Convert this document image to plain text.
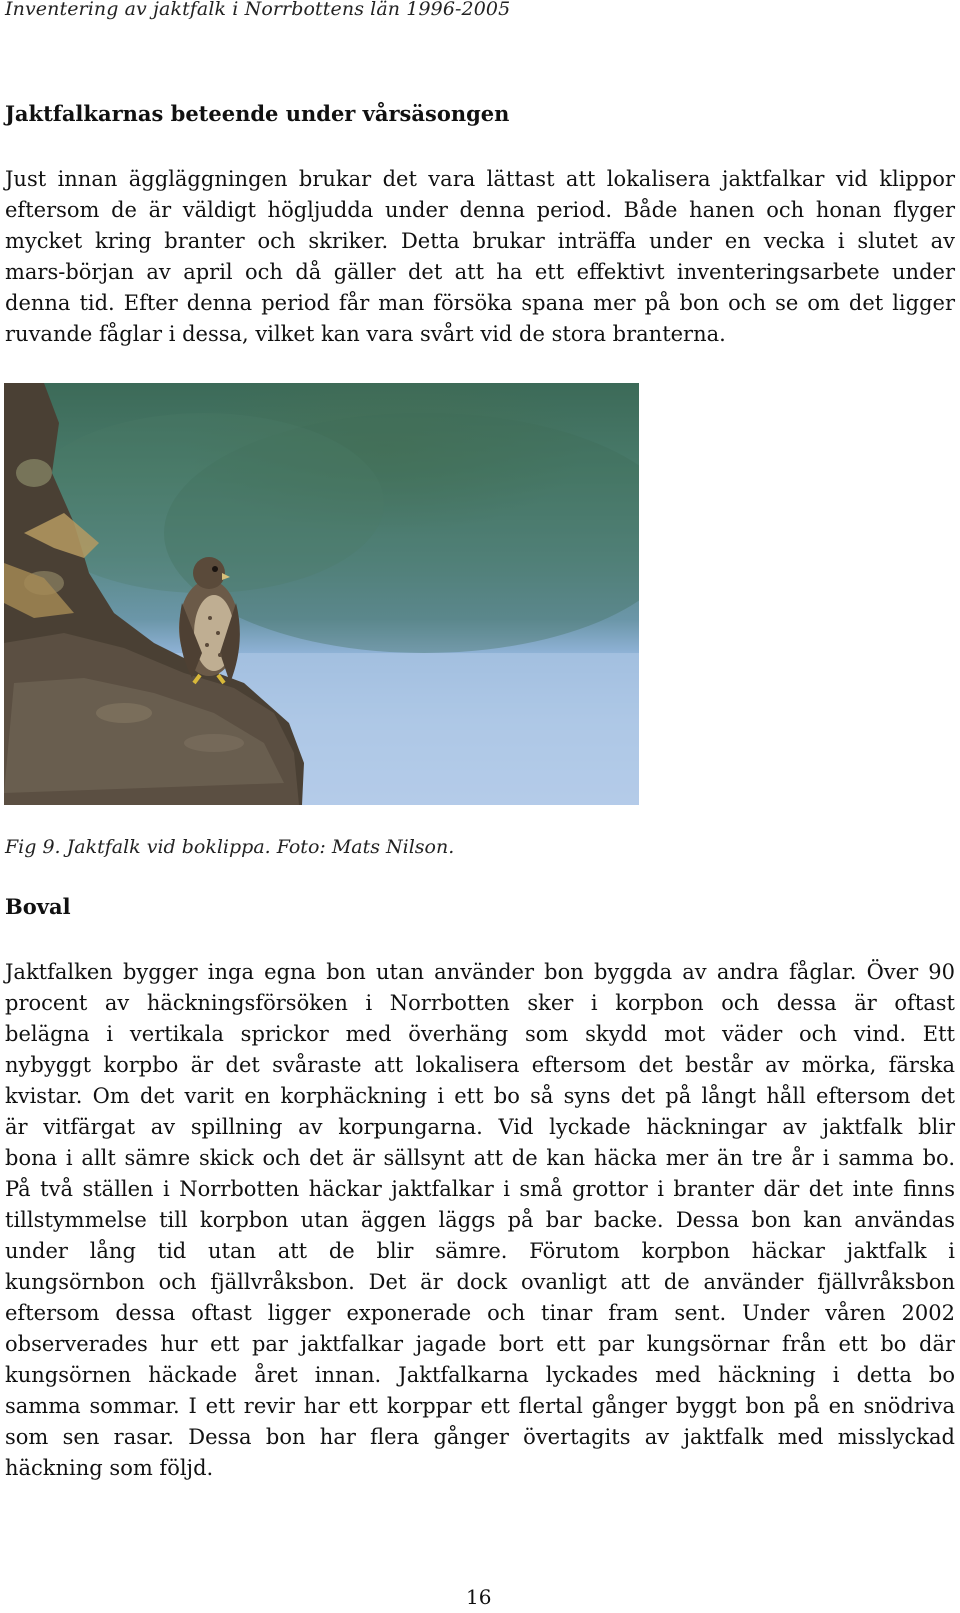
Inventering av jaktfalk i Norrbottens län 1996-2005
Jaktfalkarnas beteende under vårsäsongen
Just innan äggläggningen brukar det vara lättast att lokalisera jaktfalkar vid klippor
eftersom de är väldigt högljudda under denna period. Både hanen och honan flyger
mycket kring branter och skriker. Detta brukar inträffa under en vecka i slutet av
mars-början av april och då gäller det att ha ett effektivt inventeringsarbete under
denna tid. Efter denna period får man försöka spana mer på bon och se om det ligger
ruvande fåglar i dessa, vilket kan vara svårt vid de stora branterna.
Fig 9. Jaktfalk vid boklippa. Foto: Mats Nilson.
Boval
Jaktfalken bygger inga egna bon utan använder bon byggda av andra fåglar. Över 90
procent av häckningsförsöken i Norrbotten sker i korpbon och dessa är oftast
belägna i vertikala sprickor med överhäng som skydd mot väder och vind. Ett
nybyggt korpbo är det svåraste att lokalisera eftersom det består av mörka, färska
kvistar. Om det varit en korphäckning i ett bo så syns det på långt håll eftersom det
är vitfärgat av spillning av korpungarna. Vid lyckade häckningar av jaktfalk blir
bona i allt sämre skick och det är sällsynt att de kan häcka mer än tre år i samma bo.
På två ställen i Norrbotten häckar jaktfalkar i små grottor i branter där det inte finns
tillstymmelse till korpbon utan äggen läggs på bar backe. Dessa bon kan användas
under lång tid utan att de blir sämre. Förutom korpbon häckar jaktfalk i
kungsörnbon och fjällvråksbon. Det är dock ovanligt att de använder fjällvråksbon
eftersom dessa oftast ligger exponerade och tinar fram sent. Under våren 2002
observerades hur ett par jaktfalkar jagade bort ett par kungsörnar från ett bo där
kungsörnen häckade året innan. Jaktfalkarna lyckades med häckning i detta bo
samma sommar. I ett revir har ett korppar ett flertal gånger byggt bon på en snödriva
som sen rasar. Dessa bon har flera gånger övertagits av jaktfalk med misslyckad
häckning som följd.
16
